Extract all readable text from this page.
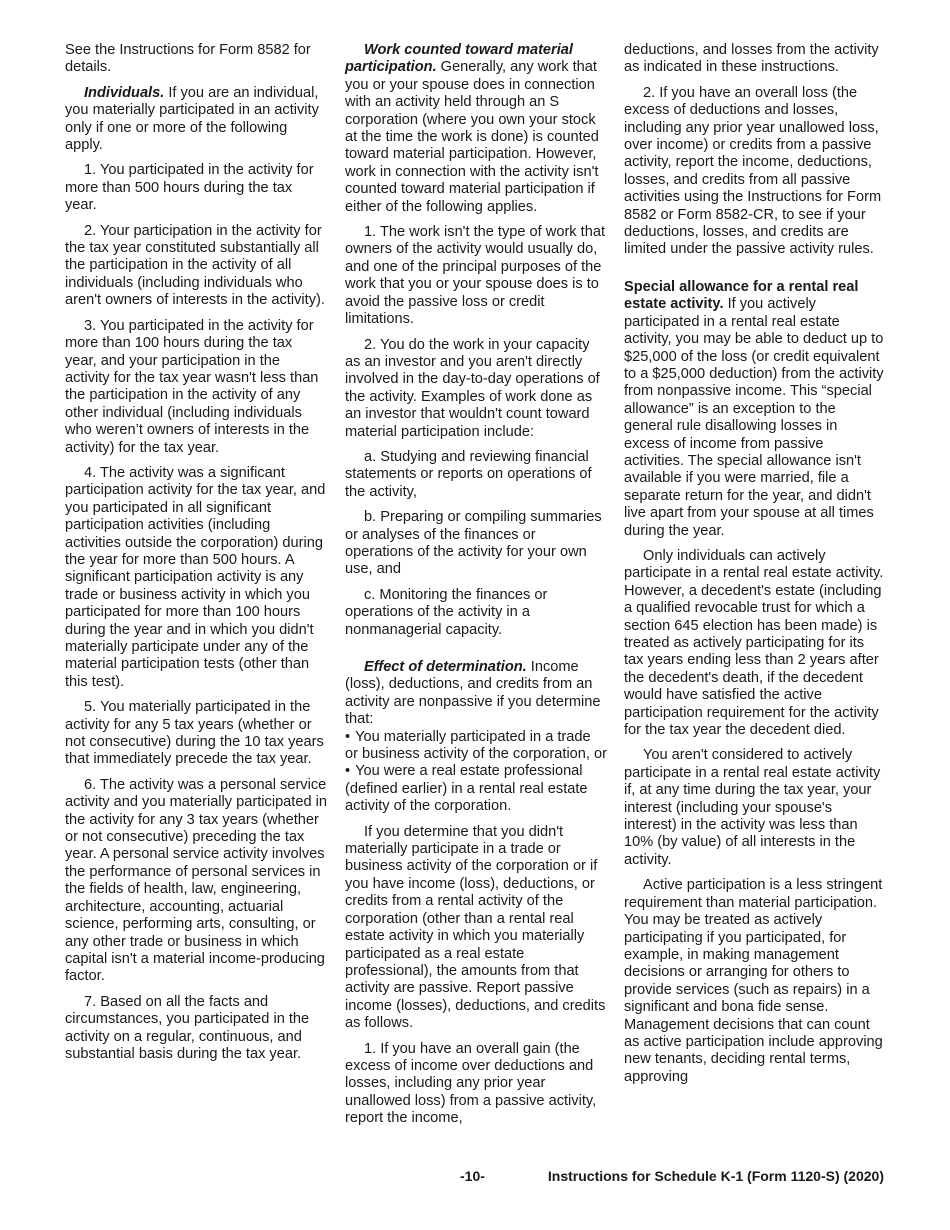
See the Instructions for Form 8582 for details.

Individuals. If you are an individual, you materially participated in an activity only if one or more of the following apply.

1. You participated in the activity for more than 500 hours during the tax year.

2. Your participation in the activity for the tax year constituted substantially all the participation in the activity of all individuals (including individuals who aren't owners of interests in the activity).

3. You participated in the activity for more than 100 hours during the tax year, and your participation in the activity for the tax year wasn't less than the participation in the activity of any other individual (including individuals who weren’t owners of interests in the activity) for the tax year.

4. The activity was a significant participation activity for the tax year, and you participated in all significant participation activities (including activities outside the corporation) during the year for more than 500 hours. A significant participation activity is any trade or business activity in which you participated for more than 100 hours during the year and in which you didn't materially participate under any of the material participation tests (other than this test).

5. You materially participated in the activity for any 5 tax years (whether or not consecutive) during the 10 tax years that immediately precede the tax year.

6. The activity was a personal service activity and you materially participated in the activity for any 3 tax years (whether or not consecutive) preceding the tax year. A personal service activity involves the performance of personal services in the fields of health, law, engineering, architecture, accounting, actuarial science, performing arts, consulting, or any other trade or business in which capital isn't a material income-producing factor.

7. Based on all the facts and circumstances, you participated in the activity on a regular, continuous, and substantial basis during the tax year.

Work counted toward material participation. Generally, any work that you or your spouse does in connection with an activity held through an S corporation (where you own your stock at the time the work is done) is counted toward material participation. However, work in connection with the activity isn't counted toward material participation if either of the following applies.

1. The work isn't the type of work that owners of the activity would usually do, and one of the principal purposes of the work that you or your spouse does is to avoid the passive loss or credit limitations.

2. You do the work in your capacity as an investor and you aren't directly involved in the day-to-day operations of the activity. Examples of work done as an investor that wouldn't count toward material participation include:

a. Studying and reviewing financial statements or reports on operations of the activity,

b. Preparing or compiling summaries or analyses of the finances or operations of the activity for your own use, and

c. Monitoring the finances or operations of the activity in a nonmanagerial capacity.

Effect of determination. Income (loss), deductions, and credits from an activity are nonpassive if you determine that:

• You materially participated in a trade or business activity of the corporation, or

• You were a real estate professional (defined earlier) in a rental real estate activity of the corporation.

If you determine that you didn't materially participate in a trade or business activity of the corporation or if you have income (loss), deductions, or credits from a rental activity of the corporation (other than a rental real estate activity in which you materially participated as a real estate professional), the amounts from that activity are passive. Report passive income (losses), deductions, and credits as follows.

1. If you have an overall gain (the excess of income over deductions and losses, including any prior year unallowed loss) from a passive activity, report the income,

deductions, and losses from the activity as indicated in these instructions.

2. If you have an overall loss (the excess of deductions and losses, including any prior year unallowed loss, over income) or credits from a passive activity, report the income, deductions, losses, and credits from all passive activities using the Instructions for Form 8582 or Form 8582-CR, to see if your deductions, losses, and credits are limited under the passive activity rules.

Special allowance for a rental real estate activity. If you actively participated in a rental real estate activity, you may be able to deduct up to $25,000 of the loss (or credit equivalent to a $25,000 deduction) from the activity from nonpassive income. This “special allowance” is an exception to the general rule disallowing losses in excess of income from passive activities. The special allowance isn't available if you were married, file a separate return for the year, and didn't live apart from your spouse at all times during the year.

Only individuals can actively participate in a rental real estate activity. However, a decedent's estate (including a qualified revocable trust for which a section 645 election has been made) is treated as actively participating for its tax years ending less than 2 years after the decedent's death, if the decedent would have satisfied the active participation requirement for the activity for the tax year the decedent died.

You aren't considered to actively participate in a rental real estate activity if, at any time during the tax year, your interest (including your spouse's interest) in the activity was less than 10% (by value) of all interests in the activity.

Active participation is a less stringent requirement than material participation. You may be treated as actively participating if you participated, for example, in making management decisions or arranging for others to provide services (such as repairs) in a significant and bona fide sense. Management decisions that can count as active participation include approving new tenants, deciding rental terms, approving

-10-	Instructions for Schedule K-1 (Form 1120-S) (2020)
